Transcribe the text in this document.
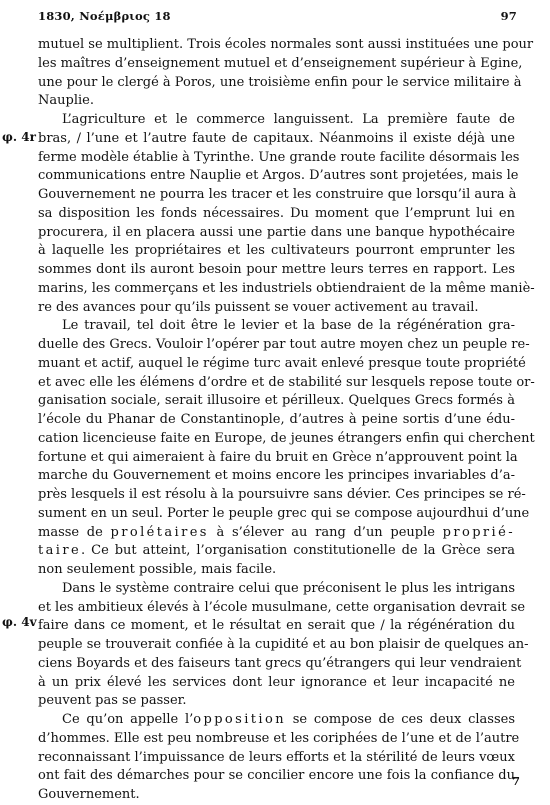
1830, Νοέμβριος 18	97
φ. 4r
φ. 4v
mutuel se multiplient. Trois écoles normales sont aussi instituées une pour
les maîtres d’enseignement mutuel et d’enseignement supérieur à Egine,
une pour le clergé à Poros, une troisième enfin pour le service militaire à
Nauplie.
L’agriculture et le commerce languissent. La première faute de
bras, / l’une et l’autre faute de capitaux. Néanmoins il existe déjà une
ferme modèle établie à Tyrinthe. Une grande route facilite désormais les
communications entre Nauplie et Argos. D’autres sont projetées, mais le
Gouvernement ne pourra les tracer et les construire que lorsqu’il aura à
sa disposition les fonds nécessaires. Du moment que l’emprunt lui en
procurera, il en placera aussi une partie dans une banque hypothécaire
à laquelle les propriétaires et les cultivateurs pourront emprunter les
sommes dont ils auront besoin pour mettre leurs terres en rapport. Les
marins, les commerçans et les industriels obtiendraient de la même maniè-
re des avances pour qu’ils puissent se vouer activement au travail.
Le travail, tel doit être le levier et la base de la régénération gra-
duelle des Grecs. Vouloir l’opérer par tout autre moyen chez un peuple re-
muant et actif, auquel le régime turc avait enlevé presque toute propriété
et avec elle les élémens d’ordre et de stabilité sur lesquels repose toute or-
ganisation sociale, serait illusoire et périlleux. Quelques Grecs formés à
l’école du Phanar de Constantinople, d’autres à peine sortis d’une édu-
cation licencieuse faite en Europe, de jeunes étrangers enfin qui cherchent
fortune et qui aimeraient à faire du bruit en Grèce n’approuvent point la
marche du Gouvernement et moins encore les principes invariables d’a-
près lesquels il est résolu à la poursuivre sans dévier. Ces principes se ré-
sument en un seul. Porter le peuple grec qui se compose aujourdhui d’une
masse de prolétaires à s’élever au rang d’un peuple proprié-
taire. Ce but atteint, l’organisation constitutionelle de la Grèce sera
non seulement possible, mais facile.
Dans le système contraire celui que préconisent le plus les intrigans
et les ambitieux élevés à l’école musulmane, cette organisation devrait se
faire dans ce moment, et le résultat en serait que / la régénération du
peuple se trouverait confiée à la cupidité et au bon plaisir de quelques an-
ciens Boyards et des faiseurs tant grecs qu’étrangers qui leur vendraient
à un prix élevé les services dont leur ignorance et leur incapacité ne
peuvent pas se passer.
Ce qu’on appelle l’opposition se compose de ces deux classes
d’hommes. Elle est peu nombreuse et les coriphées de l’une et de l’autre
reconnaissant l’impuissance de leurs efforts et la stérilité de leurs vœux
ont fait des démarches pour se concilier encore une fois la confiance du
Gouvernement.
7
